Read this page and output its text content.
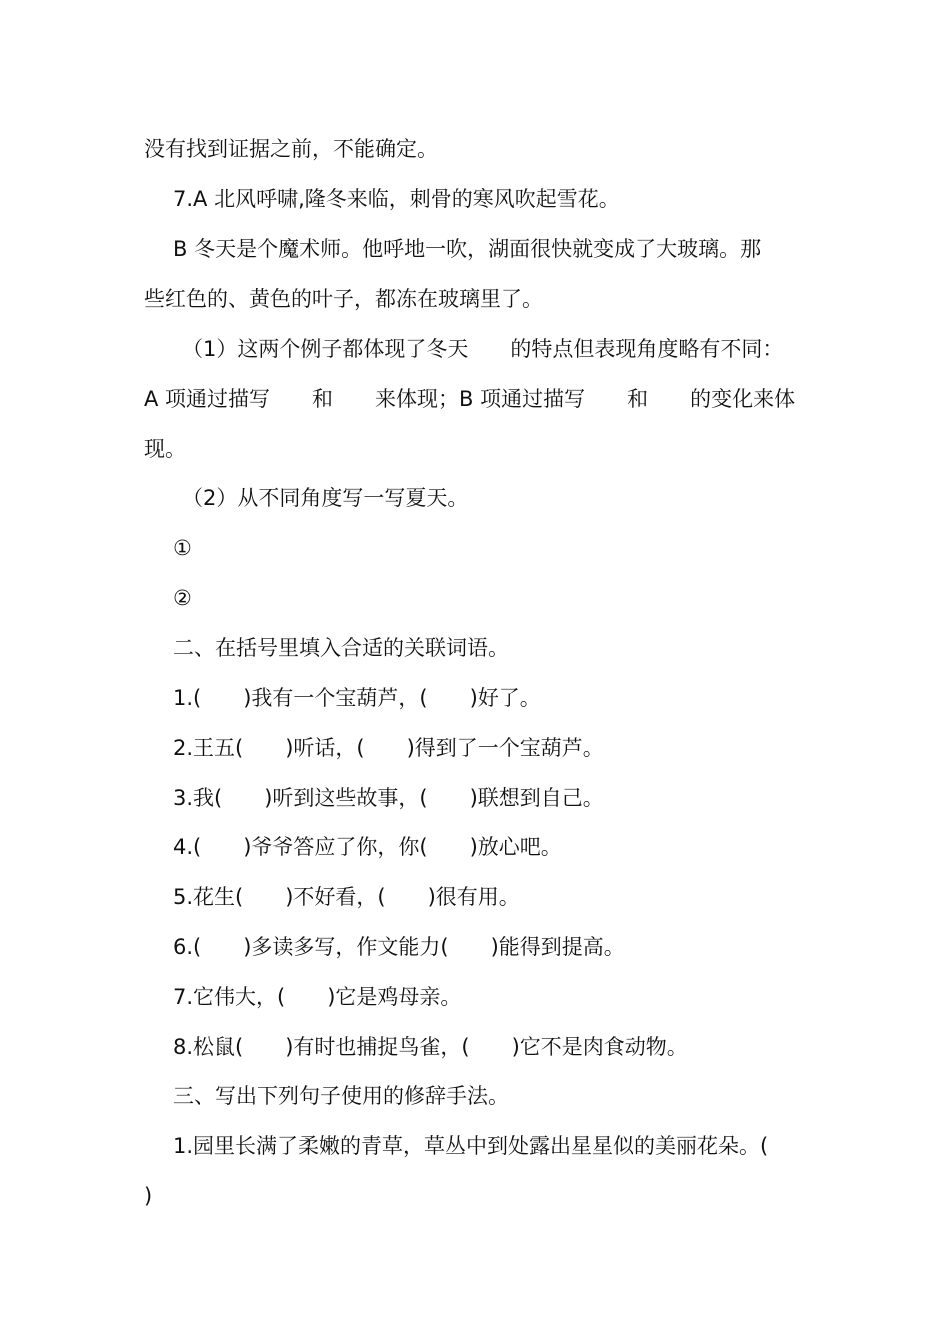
没有找到证据之前，不能确定。
7.A 北风呼啸,隆冬来临，刺骨的寒风吹起雪花。
B 冬天是个魔术师。他呼地一吹，湖面很快就变成了大玻璃。那
些红色的、黄色的叶子，都冻在玻璃里了。
（1）这两个例子都体现了冬天　　的特点但表现角度略有不同：
A 项通过描写　　和　　来体现；B 项通过描写　　和　　的变化来体
现。
（2）从不同角度写一写夏天。
①
②
二、在括号里填入合适的关联词语。
1.(　　)我有一个宝葫芦，(　　)好了。
2.王五(　　)听话，(　　)得到了一个宝葫芦。
3.我(　　)听到这些故事，(　　)联想到自己。
4.(　　)爷爷答应了你，你(　　)放心吧。
5.花生(　　)不好看，(　　)很有用。
6.(　　)多读多写，作文能力(　　)能得到提高。
7.它伟大，(　　)它是鸡母亲。
8.松鼠(　　)有时也捕捉鸟雀，(　　)它不是肉食动物。
三、写出下列句子使用的修辞手法。
1.园里长满了柔嫩的青草，草丛中到处露出星星似的美丽花朵。(
)
